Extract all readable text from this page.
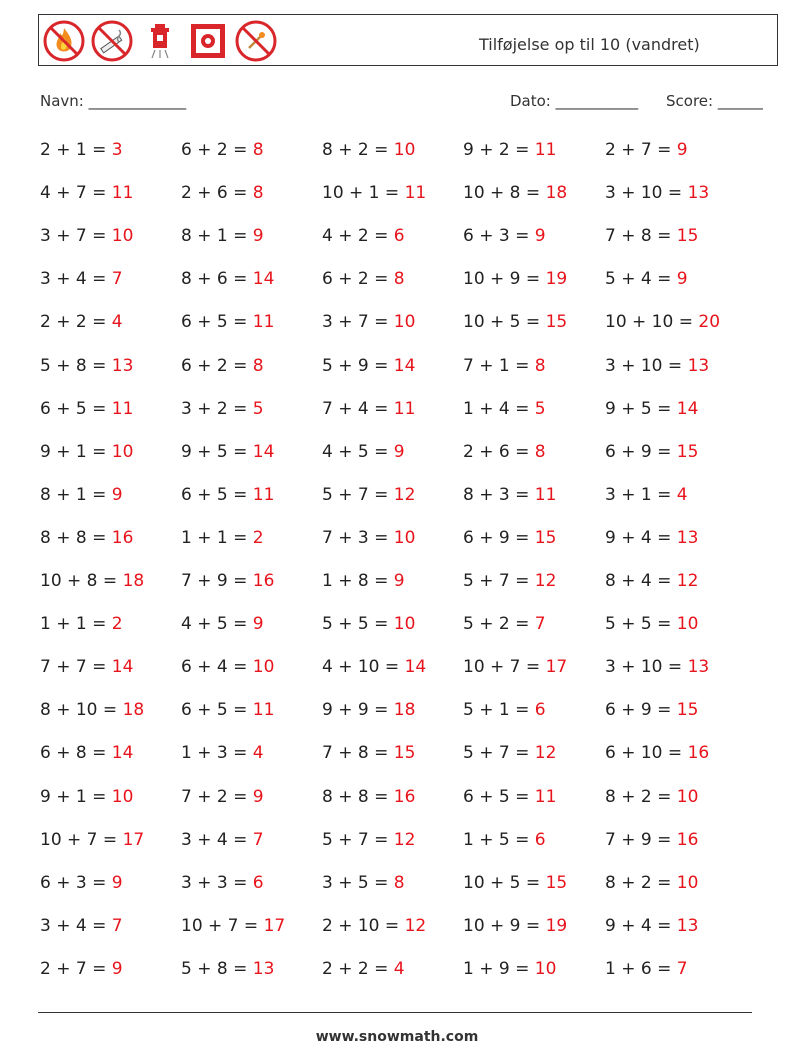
Tilføjelse op til 10 (vandret)
Navn: _____________	Dato: ___________ Score: ______
2 + 1 = 3	6 + 2 = 8	8 + 2 = 10	9 + 2 = 11	2 + 7 = 9
4 + 7 = 11	2 + 6 = 8	10 + 1 = 11 10 + 8 = 18 3 + 10 = 13
3 + 7 = 10	8 + 1 = 9	4 + 2 = 6	6 + 3 = 9	7 + 8 = 15
3 + 4 = 7	8 + 6 = 14	6 + 2 = 8	10 + 9 = 19 5 + 4 = 9
2 + 2 = 4	6 + 5 = 11	3 + 7 = 10	10 + 5 = 15 10 + 10 = 20
5 + 8 = 13	6 + 2 = 8	5 + 9 = 14	7 + 1 = 8	3 + 10 = 13
6 + 5 = 11	3 + 2 = 5	7 + 4 = 11	1 + 4 = 5	9 + 5 = 14
9 + 1 = 10	9 + 5 = 14	4 + 5 = 9	2 + 6 = 8	6 + 9 = 15
8 + 1 = 9	6 + 5 = 11	5 + 7 = 12	8 + 3 = 11	3 + 1 = 4
8 + 8 = 16	1 + 1 = 2	7 + 3 = 10	6 + 9 = 15	9 + 4 = 13
10 + 8 = 18 7 + 9 = 16	1 + 8 = 9	5 + 7 = 12	8 + 4 = 12
1 + 1 = 2	4 + 5 = 9	5 + 5 = 10	5 + 2 = 7	5 + 5 = 10
7 + 7 = 14	6 + 4 = 10	4 + 10 = 14 10 + 7 = 17 3 + 10 = 13
8 + 10 = 18 6 + 5 = 11	9 + 9 = 18	5 + 1 = 6	6 + 9 = 15
6 + 8 = 14	1 + 3 = 4	7 + 8 = 15	5 + 7 = 12	6 + 10 = 16
9 + 1 = 10	7 + 2 = 9	8 + 8 = 16	6 + 5 = 11	8 + 2 = 10
10 + 7 = 17 3 + 4 = 7	5 + 7 = 12	1 + 5 = 6	7 + 9 = 16
6 + 3 = 9	3 + 3 = 6	3 + 5 = 8	10 + 5 = 15 8 + 2 = 10
3 + 4 = 7	10 + 7 = 17 2 + 10 = 12 10 + 9 = 19 9 + 4 = 13
2 + 7 = 9	5 + 8 = 13	2 + 2 = 4	1 + 9 = 10	1 + 6 = 7
www.snowmath.com
